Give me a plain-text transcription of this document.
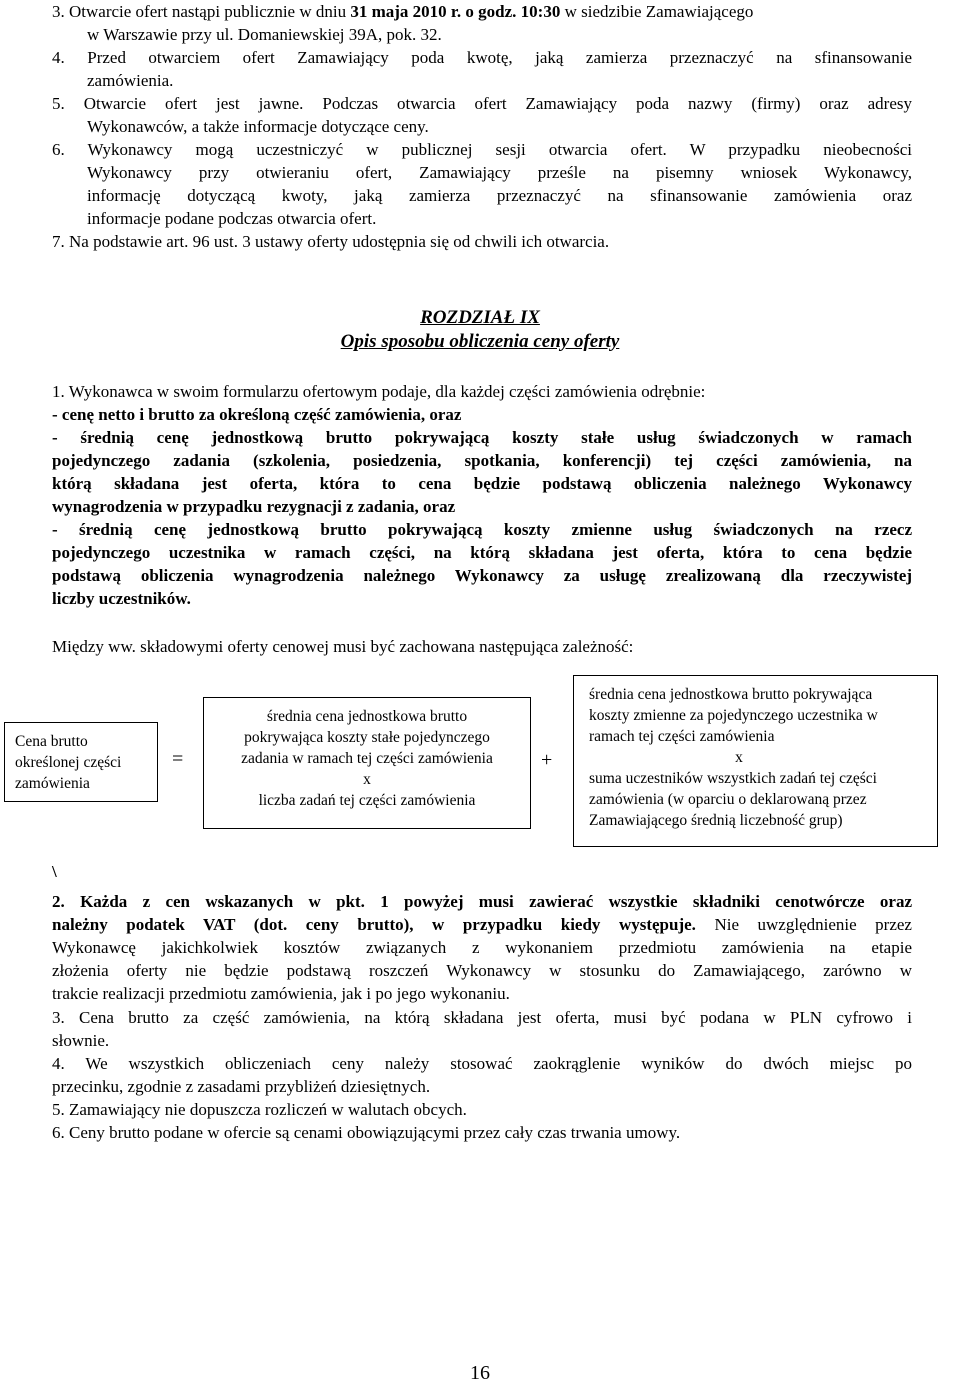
3. Otwarcie ofert nastąpi publicznie w dniu 31 maja 2010 r. o godz. 10:30 w siedzibie Zamawiającego
w Warszawie przy ul. Domaniewskiej 39A, pok. 32.
4. Przed otwarciem ofert Zamawiający poda kwotę, jaką zamierza przeznaczyć na sfinansowanie
zamówienia.
5. Otwarcie ofert jest jawne. Podczas otwarcia ofert Zamawiający poda nazwy (firmy) oraz adresy
Wykonawców, a także informacje dotyczące ceny.
6. Wykonawcy mogą uczestniczyć w publicznej sesji otwarcia ofert. W przypadku nieobecności
Wykonawcy przy otwieraniu ofert, Zamawiający prześle na pisemny wniosek Wykonawcy,
informację dotyczącą kwoty, jaką zamierza przeznaczyć na sfinansowanie zamówienia oraz
informacje podane podczas otwarcia ofert.
7. Na podstawie art. 96 ust. 3 ustawy oferty udostępnia się od chwili ich otwarcia.
ROZDZIAŁ IX
Opis sposobu obliczenia ceny oferty
1. Wykonawca w swoim formularzu ofertowym podaje, dla każdej części zamówienia odrębnie:
- cenę netto i brutto za określoną część zamówienia, oraz
- średnią cenę jednostkową brutto pokrywającą koszty stałe usług świadczonych w ramach
pojedynczego zadania (szkolenia, posiedzenia, spotkania, konferencji) tej części zamówienia, na
którą składana jest oferta, która to cena będzie podstawą obliczenia należnego Wykonawcy
wynagrodzenia w przypadku rezygnacji z zadania, oraz
- średnią cenę jednostkową brutto pokrywającą koszty zmienne usług świadczonych na rzecz
pojedynczego uczestnika w ramach części, na którą składana jest oferta, która to cena będzie
podstawą obliczenia wynagrodzenia należnego Wykonawcy za usługę zrealizowaną dla rzeczywistej
liczby uczestników.
Między ww. składowymi oferty cenowej musi być zachowana następująca zależność:
Cena brutto
określonej części
zamówienia
=
średnia cena jednostkowa brutto
pokrywająca koszty stałe pojedynczego
zadania w ramach tej części zamówienia
x
liczba zadań tej części zamówienia
+
średnia cena jednostkowa brutto pokrywająca
koszty zmienne za pojedynczego uczestnika w
ramach tej części zamówienia
x
suma uczestników wszystkich zadań tej części
zamówienia (w oparciu o deklarowaną przez
Zamawiającego średnią liczebność grup)
\
2. Każda z cen wskazanych w pkt. 1 powyżej musi zawierać wszystkie składniki cenotwórcze oraz
należny podatek VAT (dot. ceny brutto), w przypadku kiedy występuje. Nie uwzględnienie przez
Wykonawcę jakichkolwiek kosztów związanych z wykonaniem przedmiotu zamówienia na etapie
złożenia oferty nie będzie podstawą roszczeń Wykonawcy w stosunku do Zamawiającego, zarówno w
trakcie realizacji przedmiotu zamówienia, jak i po jego wykonaniu.
3. Cena brutto za część zamówienia, na którą składana jest oferta, musi być podana w PLN cyfrowo i
słownie.
4. We wszystkich obliczeniach ceny należy stosować zaokrąglenie wyników do dwóch miejsc po
przecinku, zgodnie z zasadami przybliżeń dziesiętnych.
5. Zamawiający nie dopuszcza rozliczeń w walutach obcych.
6. Ceny brutto podane w ofercie są cenami obowiązującymi przez cały czas trwania umowy.
16
